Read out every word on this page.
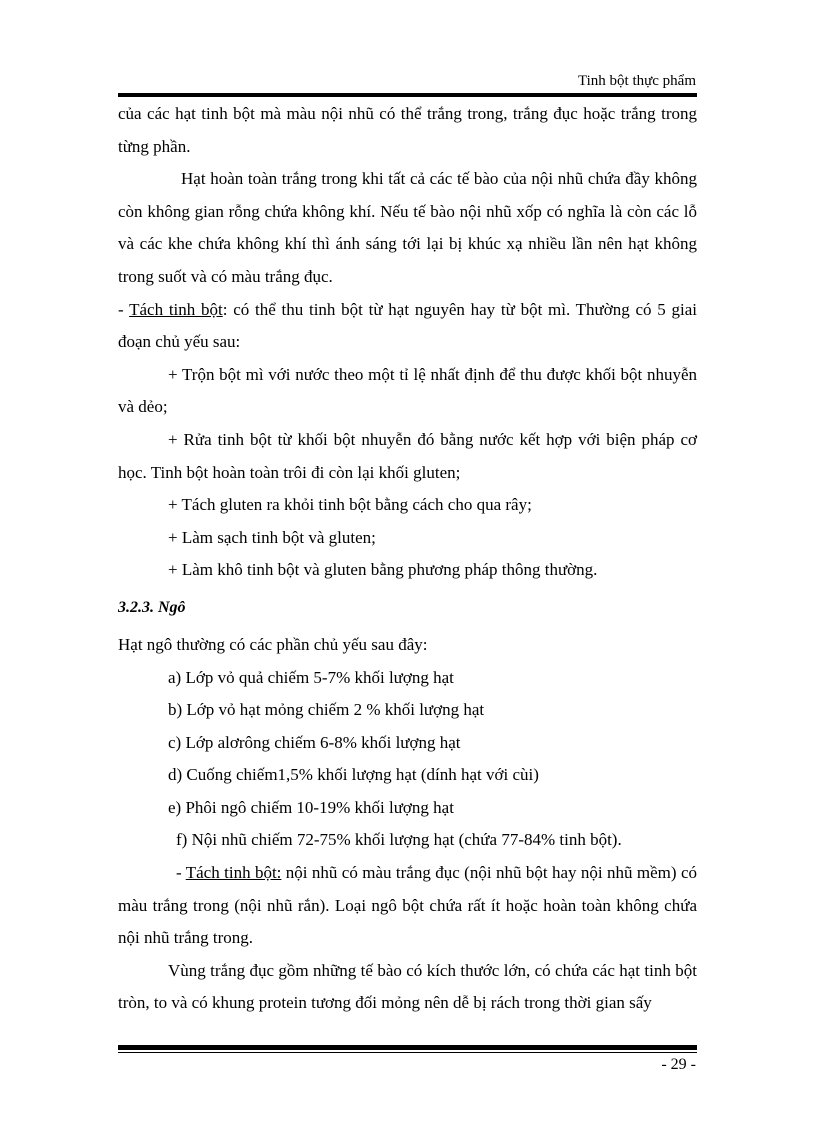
Tinh bột thực phẩm

của các hạt tinh bột mà màu nội nhũ có thể trắng trong, trắng đục hoặc trắng trong từng phần.

Hạt hoàn toàn trắng trong khi tất cả các tế bào của nội nhũ chứa đầy không còn không gian rỗng chứa không khí. Nếu tế bào nội nhũ xốp có nghĩa là còn các lỗ và các khe chứa không khí thì ánh sáng tới lại bị khúc xạ nhiều lần nên hạt không trong suốt và có màu trắng đục.

- Tách tinh bột: có thể thu tinh bột từ hạt nguyên hay từ bột mì. Thường có 5 giai đoạn chủ yếu sau:

+ Trộn bột mì với nước theo một tỉ lệ nhất định để thu được khối bột nhuyễn và dẻo;

+ Rửa tinh bột từ khối bột nhuyễn đó bằng nước kết hợp với biện pháp cơ học. Tinh bột hoàn toàn trôi đi còn lại khối gluten;

+ Tách gluten ra khỏi tinh bột bằng cách cho qua rây;

+ Làm sạch tinh bột và gluten;

+ Làm khô tinh bột và gluten bằng phương pháp thông thường.

3.2.3. Ngô

Hạt ngô thường có các phần chủ yếu sau đây:

a) Lớp vỏ quả chiếm 5-7% khối lượng hạt

b) Lớp vỏ hạt mỏng chiếm 2 % khối lượng hạt

c) Lớp alơrông chiếm 6-8% khối lượng hạt

d) Cuống chiếm1,5% khối lượng hạt (dính hạt với cùi)

e) Phôi ngô chiếm 10-19% khối lượng hạt

f) Nội nhũ chiếm 72-75% khối lượng hạt (chứa 77-84% tinh bột).

- Tách tinh bột: nội nhũ có màu trắng đục (nội nhũ bột hay nội nhũ mềm) có màu trắng trong (nội nhũ rắn). Loại ngô bột chứa rất ít hoặc hoàn toàn không chứa nội nhũ trắng trong.

Vùng trắng đục gồm những tế bào có kích thước lớn, có chứa các hạt tinh bột tròn, to và có khung protein tương đối mỏng nên dễ bị rách trong thời gian sấy

- 29 -
